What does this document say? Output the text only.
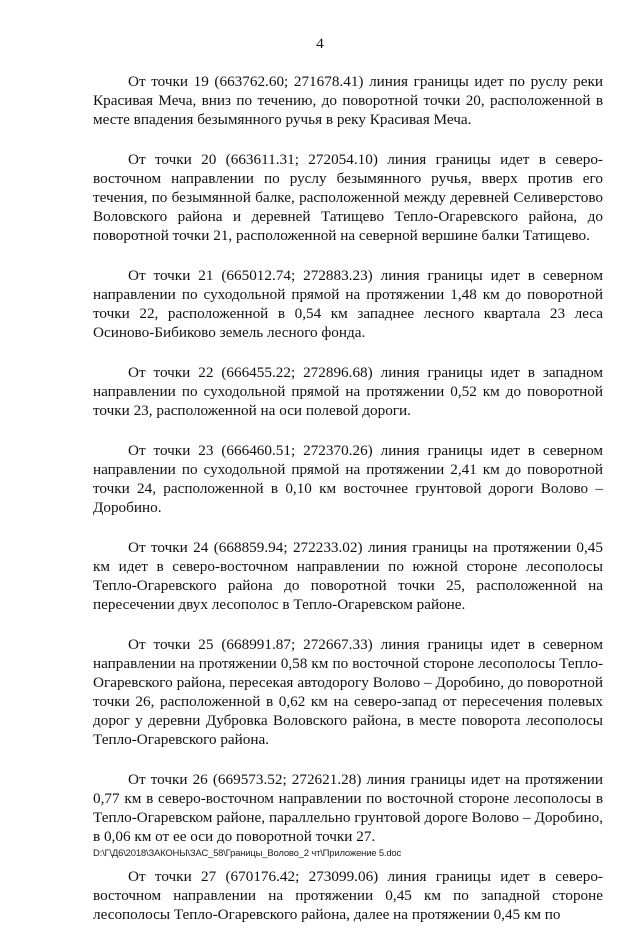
4

От точки 19 (663762.60; 271678.41) линия границы идет по руслу реки Красивая Меча, вниз по течению, до поворотной точки 20, расположенной в месте впадения безымянного ручья в реку Красивая Меча.

От точки 20 (663611.31; 272054.10) линия границы идет в северо-восточном направлении по руслу безымянного ручья, вверх против его течения, по безымянной балке, расположенной между деревней Селиверстово Воловского района и деревней Татищево Тепло-Огаревского района, до поворотной точки 21, расположенной на северной вершине балки Татищево.

От точки 21 (665012.74; 272883.23) линия границы идет в северном направлении по суходольной прямой на протяжении 1,48 км до поворотной точки 22, расположенной в 0,54 км западнее лесного квартала 23 леса Осиново-Бибиково земель лесного фонда.

От точки 22 (666455.22; 272896.68) линия границы идет в западном направлении по суходольной прямой на протяжении 0,52 км до поворотной точки 23, расположенной на оси полевой дороги.

От точки 23 (666460.51; 272370.26) линия границы идет в северном направлении по суходольной прямой на протяжении 2,41 км до поворотной точки 24, расположенной в 0,10 км восточнее грунтовой дороги Волово – Доробино.

От точки 24 (668859.94; 272233.02) линия границы на протяжении 0,45 км идет в северо-восточном направлении по южной стороне лесополосы Тепло-Огаревского района до поворотной точки 25, расположенной на пересечении двух лесополос в Тепло-Огаревском районе.

От точки 25 (668991.87; 272667.33) линия границы идет в северном направлении на протяжении 0,58 км по восточной стороне лесополосы Тепло-Огаревского района, пересекая автодорогу Волово – Доробино, до поворотной точки 26, расположенной в 0,62 км на северо-запад от пересечения полевых дорог у деревни Дубровка Воловского района, в месте поворота лесополосы Тепло-Огаревского района.

От точки 26 (669573.52; 272621.28) линия границы идет на протяжении 0,77 км в северо-восточном направлении по восточной стороне лесополосы в Тепло-Огаревском районе, параллельно грунтовой дороге Волово – Доробино, в 0,06 км от ее оси до поворотной точки 27.

От точки 27 (670176.42; 273099.06) линия границы идет в северо-восточном направлении на протяжении 0,45 км по западной стороне лесополосы Тепло-Огаревского района, далее на протяжении 0,45 км по

D:\Г\Д6\2018\ЗАКОНЫ\ЗАС_58\Границы_Волово_2 чт\Приложение 5.doc
